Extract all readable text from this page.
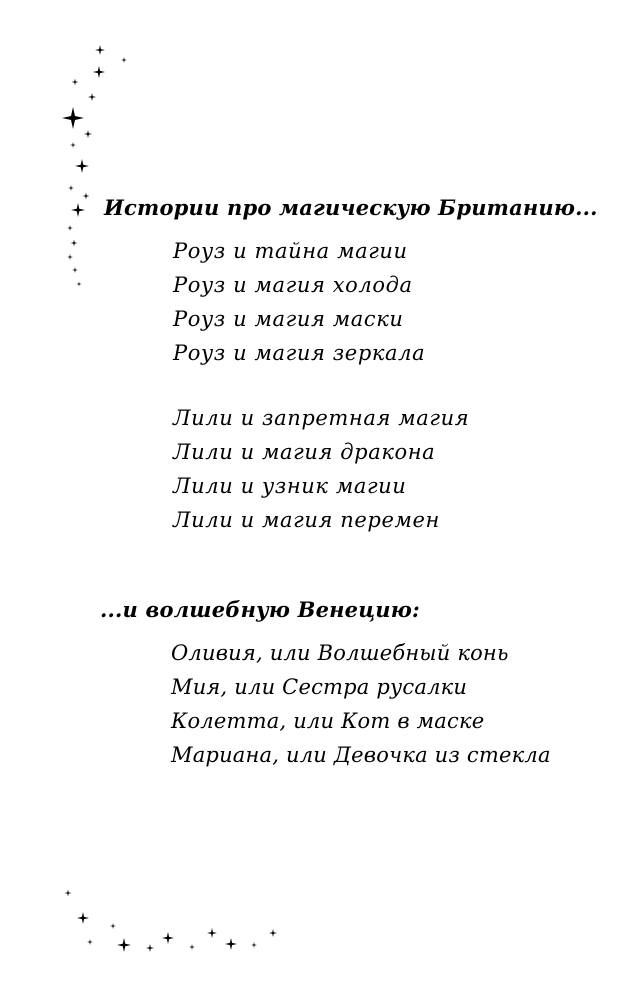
Истории про магическую Британию...
Роуз и тайна магии
Роуз и магия холода
Роуз и магия маски
Роуз и магия зеркала
Лили и запретная магия
Лили и магия дракона
Лили и узник магии
Лили и магия перемен
...и волшебную Венецию:
Оливия, или Волшебный конь
Мия, или Сестра русалки
Колетта, или Кот в маске
Мариана, или Девочка из стекла
